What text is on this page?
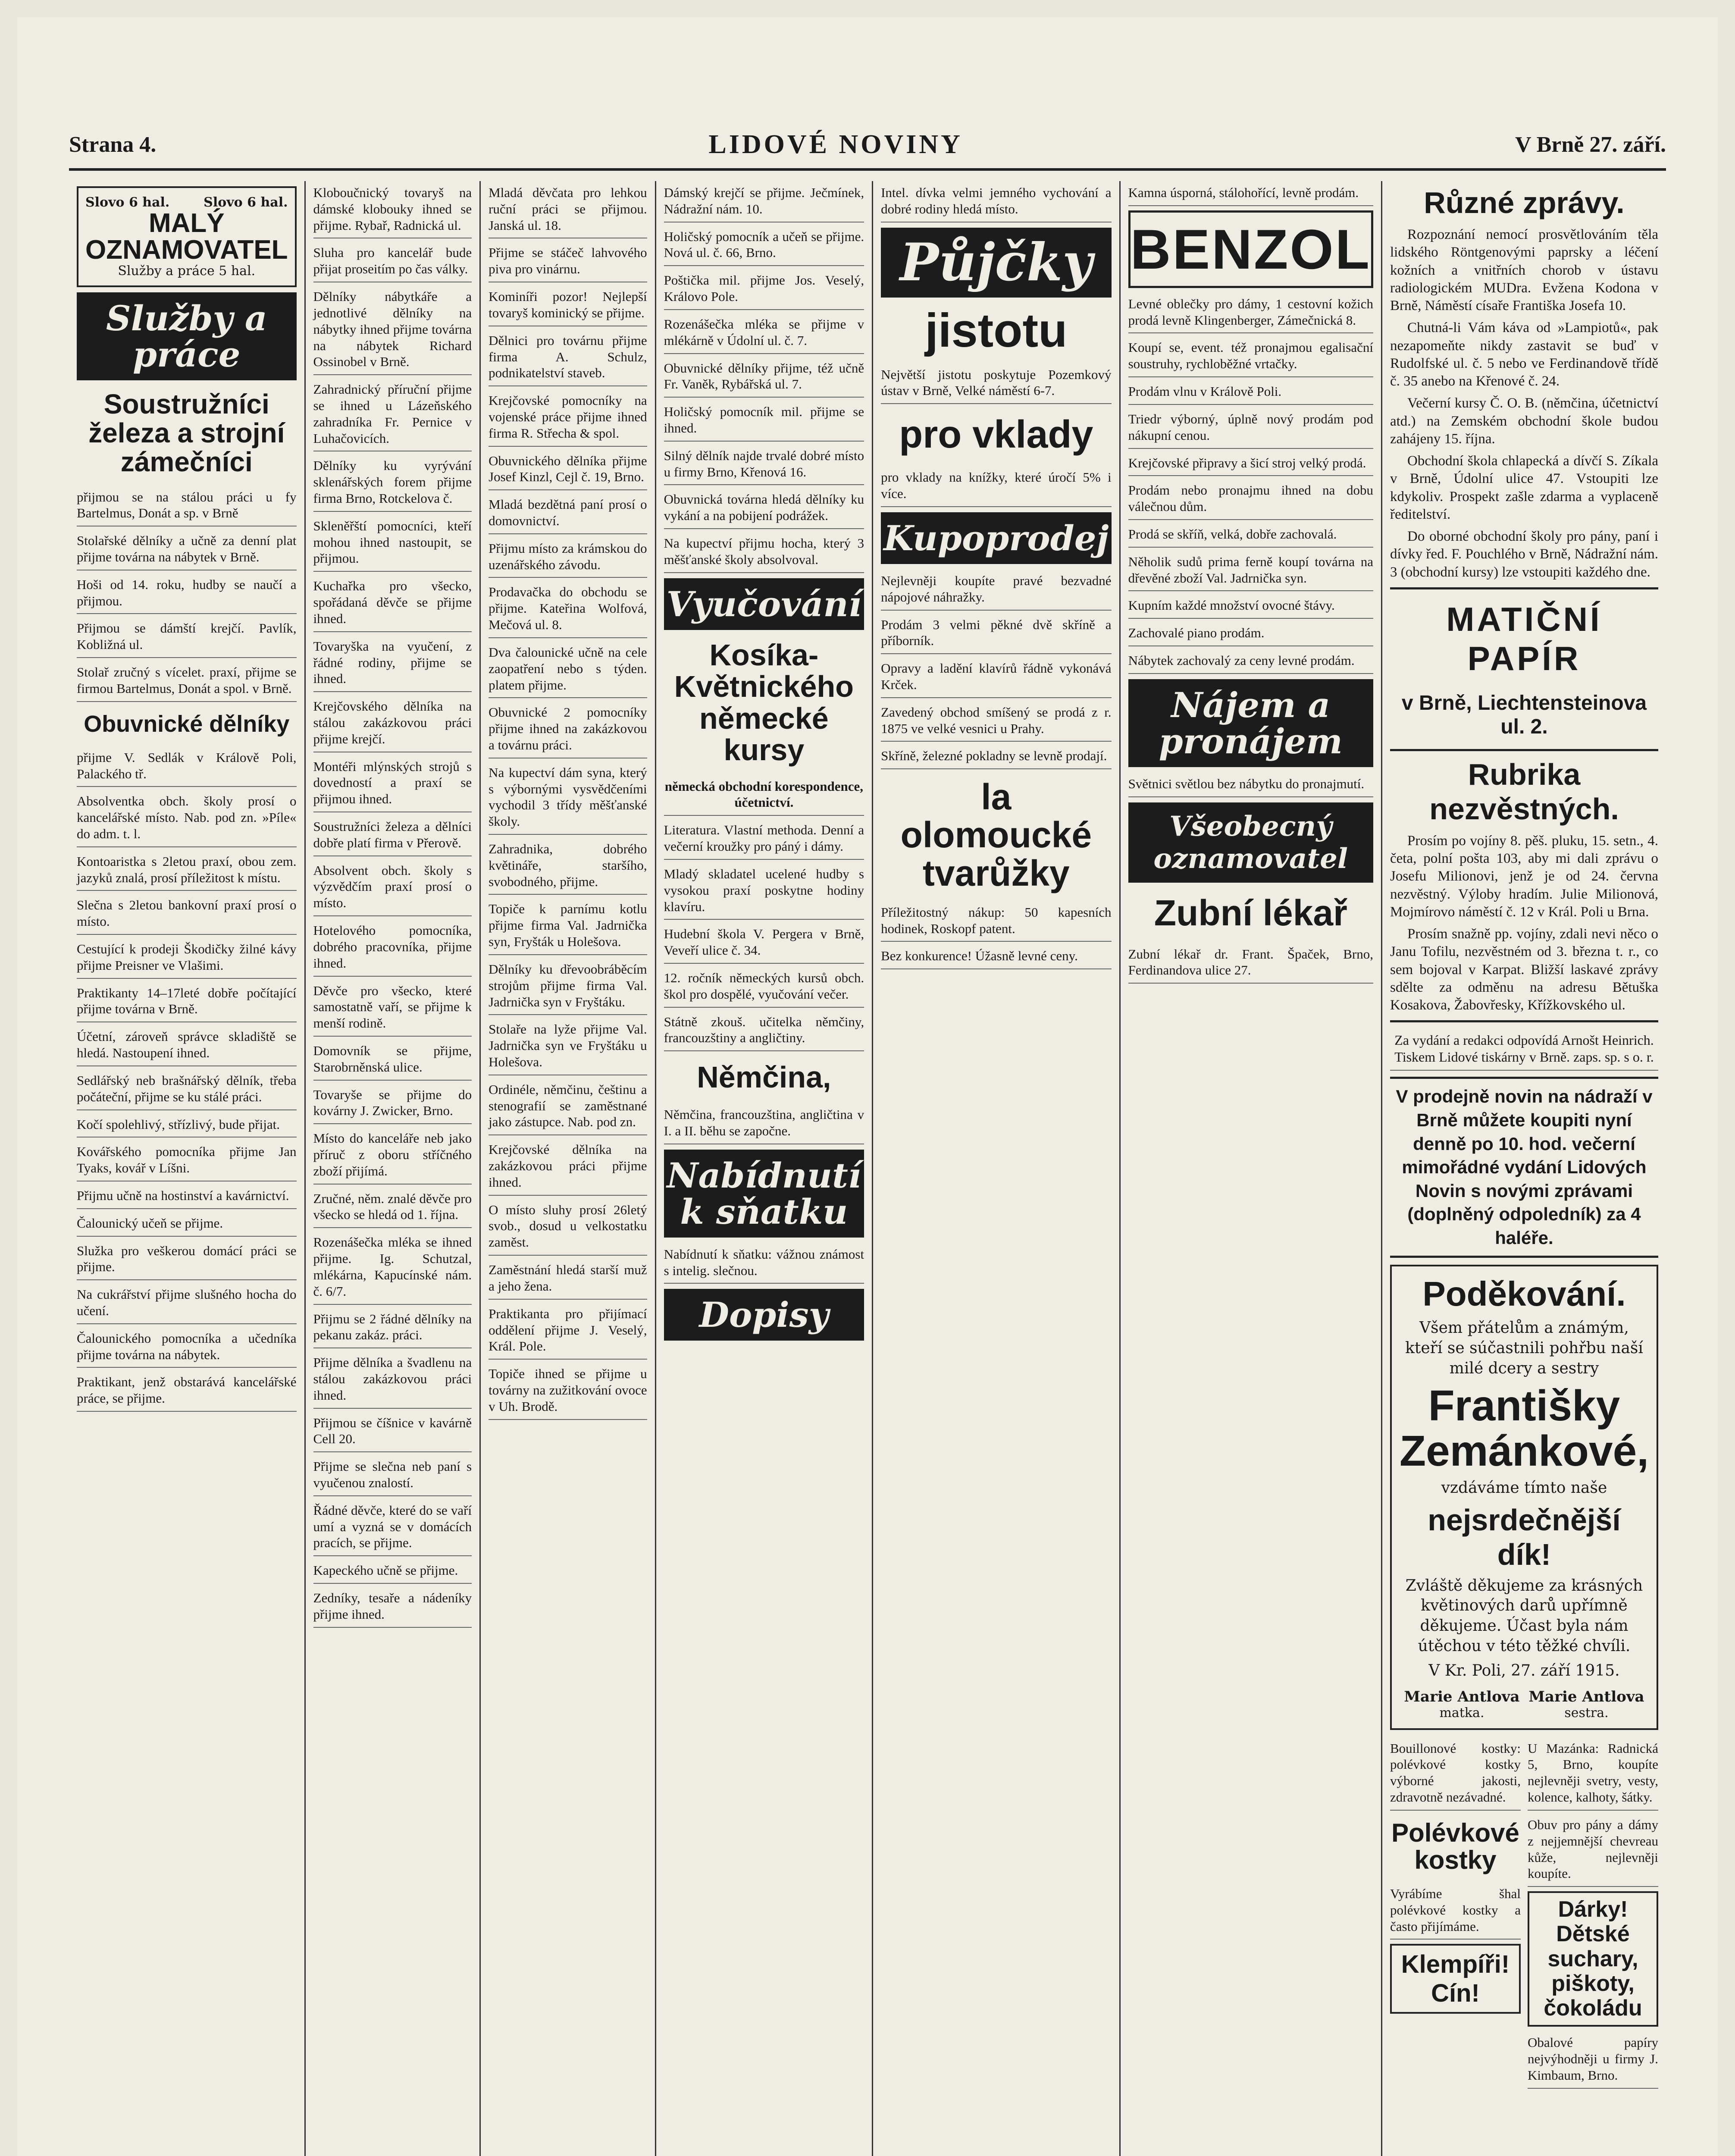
Strana 4.	LIDOVÉ NOVINY	V Brně 27. září.
Slovo 6 hal.	Slovo 6 hal.
MALÝ OZNAMOVATEL
Služby a práce 5 hal.
Služby a práce
Soustružníci železa a strojní zámečníci
přijmou se na stálou práci u fy Bartelmus, Donát a sp. v Brně
Stolařské dělníky a učně za denní plat přijme továrna na nábytek v Brně.
Hoši od 14. roku, hudby se naučí a přijmou.
Přijmou se dámští krejčí. Pavlík, Kobližná ul.
Stolař zručný s vícelet. praxí, přijme se firmou Bartelmus, Donát a spol. v Brně.
Obuvnické dělníky
přijme V. Sedlák v Králově Poli, Palackého tř.
Absolventka obch. školy prosí o kancelářské místo. Nab. pod zn. »Píle« do adm. t. l.
Kontoaristka s 2letou praxí, obou zem. jazyků znalá, prosí příležitost k místu.
Slečna s 2letou bankovní praxí prosí o místo.
Cestující k prodeji Škodičky žilné kávy přijme Preisner ve Vlašimi.
Praktikanty 14–17leté dobře počítající přijme továrna v Brně.
Účetní, zároveň správce skladiště se hledá. Nastoupení ihned.
Sedlářský neb brašnářský dělník, třeba počáteční, přijme se ku stálé práci.
Kočí spolehlivý, střízlivý, bude přijat.
Kovářského pomocníka přijme Jan Tyaks, kovář v Líšni.
Přijmu učně na hostinství a kavárnictví.
Čalounický učeň se přijme.
Služka pro veškerou domácí práci se přijme.
Na cukrářství přijme slušného hocha do učení.
Čalounického pomocníka a učedníka přijme továrna na nábytek.
Praktikant, jenž obstarává kancelářské práce, se přijme.
Kloboučnický tovaryš na dámské klobouky ihned se přijme. Rybař, Radnická ul.
Sluha pro kancelář bude přijat proseitím po čas války.
Dělníky nábytkáře a jednotlivé dělníky na nábytky ihned přijme továrna na nábytek Richard Ossinobel v Brně.
Zahradnický příruční přijme se ihned u Lázeňského zahradníka Fr. Pernice v Luhačovicích.
Dělníky ku vyrývání sklenářských forem přijme firma Brno, Rotckelova č.
Skleněřští pomocníci, kteří mohou ihned nastoupit, se přijmou.
Kuchařka pro všecko, spořádaná děvče se přijme ihned.
Tovaryška na vyučení, z řádné rodiny, přijme se ihned.
Krejčovského dělníka na stálou zakázkovou práci přijme krejčí.
Montéři mlýnských strojů s dovedností a praxí se přijmou ihned.
Soustružníci železa a dělníci dobře platí firma v Přerově.
Absolvent obch. školy s výzvědčím praxí prosí o místo.
Hotelového pomocníka, dobrého pracovníka, přijme ihned.
Děvče pro všecko, které samostatně vaří, se přijme k menší rodině.
Domovník se přijme, Starobrněnská ulice.
Tovaryše se přijme do kovárny J. Zwicker, Brno.
Místo do kanceláře neb jako příruč z oboru stříčného zboží přijímá.
Zručné, něm. znalé děvče pro všecko se hledá od 1. října.
Rozenášečka mléka se ihned přijme. Ig. Schutzal, mlékárna, Kapucínské nám. č. 6/7.
Přijmu se 2 řádné dělníky na pekanu zakáz. práci.
Přijme dělníka a švadlenu na stálou zakázkovou práci ihned.
Přijmou se číšnice v kavárně Cell 20.
Přijme se slečna neb paní s vyučenou znalostí.
Řádné děvče, které do se vaří umí a vyzná se v domácích pracích, se přijme.
Kapeckého učně se přijme.
Zedníky, tesaře a nádeníky přijme ihned.
Mladá děvčata pro lehkou ruční práci se přijmou. Janská ul. 18.
Přijme se stáčeč lahvového piva pro vinárnu.
Kominíři pozor! Nejlepší tovaryš kominický se přijme.
Dělnici pro továrnu přijme firma A. Schulz, podnikatelství staveb.
Krejčovské pomocníky na vojenské práce přijme ihned firma R. Střecha & spol.
Obuvnického dělníka přijme Josef Kinzl, Cejl č. 19, Brno.
Mladá bezdětná paní prosí o domovnictví.
Přijmu místo za krámskou do uzenářského závodu.
Prodavačka do obchodu se přijme. Kateřina Wolfová, Mečová ul. 8.
Dva čalounické učně na cele zaopatření nebo s týden. platem přijme.
Obuvnické 2 pomocníky přijme ihned na zakázkovou a továrnu práci.
Na kupectví dám syna, který s výbornými vysvědčeními vychodil 3 třídy měšťanské školy.
Zahradnika, dobrého květináře, staršího, svobodného, přijme.
Topiče k parnímu kotlu přijme firma Val. Jadrnička syn, Fryšták u Holešova.
Dělníky ku dřevoobráběcím strojům přijme firma Val. Jadrnička syn v Fryštáku.
Stolaře na lyže přijme Val. Jadrnička syn ve Fryštáku u Holešova.
Ordinéle, němčinu, češtinu a stenografií se zaměstnané jako zástupce. Nab. pod zn.
Krejčovské dělníka na zakázkovou práci přijme ihned.
O místo sluhy prosí 26letý svob., dosud u velkostatku zaměst.
Zaměstnání hledá starší muž a jeho žena.
Praktikanta pro přijímací oddělení přijme J. Veselý, Král. Pole.
Topiče ihned se přijme u továrny na zužitkování ovoce v Uh. Brodě.
Dámský krejčí se přijme. Ječmínek, Nádražní nám. 10.
Holičský pomocník a učeň se přijme. Nová ul. č. 66, Brno.
Poštička mil. přijme Jos. Veselý, Královo Pole.
Rozenášečka mléka se přijme v mlékárně v Údolní ul. č. 7.
Obuvnické dělníky přijme, též učně Fr. Vaněk, Rybářská ul. 7.
Holičský pomocník mil. přijme se ihned.
Silný dělník najde trvalé dobré místo u firmy Brno, Křenová 16.
Obuvnická továrna hledá dělníky ku vykání a na pobijení podrážek.
Na kupectví přijmu hocha, který 3 měšťanské školy absolvoval.
Vyučování
Kosíka-Květnického německé kursy
německá obchodní korespondence, účetnictví.
Literatura. Vlastní methoda. Denní a večerní kroužky pro páný i dámy.
Mladý skladatel ucelené hudby s vysokou praxí poskytne hodiny klavíru.
Hudební škola V. Pergera v Brně, Veveří ulice č. 34.
12. ročník německých kursů obch. škol pro dospělé, vyučování večer.
Státně zkouš. učitelka němčiny, francouzštiny a angličtiny.
Němčina,
Němčina, francouzština, angličtina v I. a II. běhu se započne.
Nabídnutí k sňatku
Nabídnutí k sňatku: vážnou známost s intelig. slečnou.
Dopisy
Intel. dívka velmi jemného vychování a dobré rodiny hledá místo.
Půjčky
jistotu
Největší jistotu poskytuje Pozemkový ústav v Brně, Velké náměstí 6-7.
pro vklady
pro vklady na knížky, které úročí 5% i více.
Kupoprodej
Nejlevněji koupíte pravé bezvadné nápojové náhražky.
Prodám 3 velmi pěkné dvě skříně a příborník.
Opravy a ladění klavírů řádně vykonává Krček.
Zavedený obchod smíšený se prodá z r. 1875 ve velké vesnici u Prahy.
Skříně, železné pokladny se levně prodají.
la olomoucké tvarůžky
Příležitostný nákup: 50 kapesních hodinek, Roskopf patent.
Bez konkurence! Úžasně levné ceny.
Kamna úsporná, stálohořící, levně prodám.
BENZOL
Levné oblečky pro dámy, 1 cestovní kožich prodá levně Klingenberger, Zámečnická 8.
Koupí se, event. též pronajmou egalisační soustruhy, rychloběžné vrtačky.
Prodám vlnu v Králově Poli.
Triedr výborný, úplně nový prodám pod nákupní cenou.
Krejčovské připravy a šicí stroj velký prodá.
Prodám nebo pronajmu ihned na dobu válečnou dům.
Prodá se skříň, velká, dobře zachovalá.
Něholik sudů prima ferně koupí továrna na dřevěné zboží Val. Jadrnička syn.
Kupním každé množství ovocné štávy.
Zachovalé piano prodám.
Nábytek zachovalý za ceny levné prodám.
Nájem a pronájem
Světnici světlou bez nábytku do pronajmutí.
Všeobecný oznamovatel
Zubní lékař
Zubní lékař dr. Frant. Špaček, Brno, Ferdinandova ulice 27.
Různé zprávy.

Rozpoznání nemocí prosvětlováním těla lidského Röntgenovými paprsky a léčení kožních a vnitřních chorob v ústavu radiologickém MUDra. Evžena Kodona v Brně, Náměstí císaře Františka Josefa 10.

Chutná-li Vám káva od »Lampiotů«, pak nezapomeňte nikdy zastavit se buď v Rudolfské ul. č. 5 nebo ve Ferdinandově třídě č. 35 anebo na Křenové č. 24.

Večerní kursy Č. O. B. (němčina, účetnictví atd.) na Zemském obchodní škole budou zahájeny 15. října.

Obchodní škola chlapecká a dívčí S. Zíkala v Brně, Údolní ulice 47. Vstoupiti lze kdykoliv. Prospekt zašle zdarma a vyplaceně ředitelství.

Do oborné obchodní školy pro pány, paní i dívky řed. F. Pouchlého v Brně, Nádražní nám. 3 (obchodní kursy) lze vstoupiti každého dne.

MATIČNÍ PAPÍR
v Brně, Liechtensteinova ul. 2.
Rubrika nezvěstných.

Prosím po vojíny 8. pěš. pluku, 15. setn., 4. četa, polní pošta 103, aby mi dali zprávu o Josefu Milionovi, jenž je od 24. června nezvěstný. Výloby hradím. Julie Milionová, Mojmírovo náměstí č. 12 v Král. Poli u Brna.

Prosím snažně pp. vojíny, zdali nevi něco o Janu Tofilu, nezvěstném od 3. března t. r., co sem bojoval v Karpat. Bližší laskavé zprávy sdělte za odměnu na adresu Bětuška Kosakova, Žabovřesky, Křížkovského ul.

Za vydání a redakci odpovídá Arnošt Heinrich. Tiskem Lidové tiskárny v Brně. zaps. sp. s o. r.
V prodejně novin na nádraží v Brně můžete koupiti nyní denně po 10. hod. večerní mimořádné vydání Lidových Novin s novými zprávami (doplněný odpoledník) za 4 haléře.
Poděkování.

Všem přátelům a známým, kteří se súčastnili pohřbu naší milé dcery a sestry

Františky Zemánkové,

vzdáváme tímto naše

nejsrdečnější dík!

Zvláště děkujeme za krásných květinových darů upřímně děkujeme. Účast byla nám útěchou v této těžké chvíli.

V Kr. Poli, 27. září 1915.

Marie Antlova
matka.
Marie Antlova
sestra.
Bouillonové kostky: polévkové kostky výborné jakosti, zdravotně nezávadné.
Polévkové kostky
Vyrábíme šhal polévkové kostky a často přijímáme.
Klempíři! Cín!
U Mazánka: Radnická 5, Brno, koupíte nejlevněji svetry, vesty, kolence, kalhoty, šátky.
Obuv pro pány a dámy z nejjemnější chevreau kůže, nejlevněji koupíte.
Dárky! Dětské suchary, piškoty, čokoládu
Obalové papíry nejvýhodněji u firmy J. Kimbaum, Brno.
